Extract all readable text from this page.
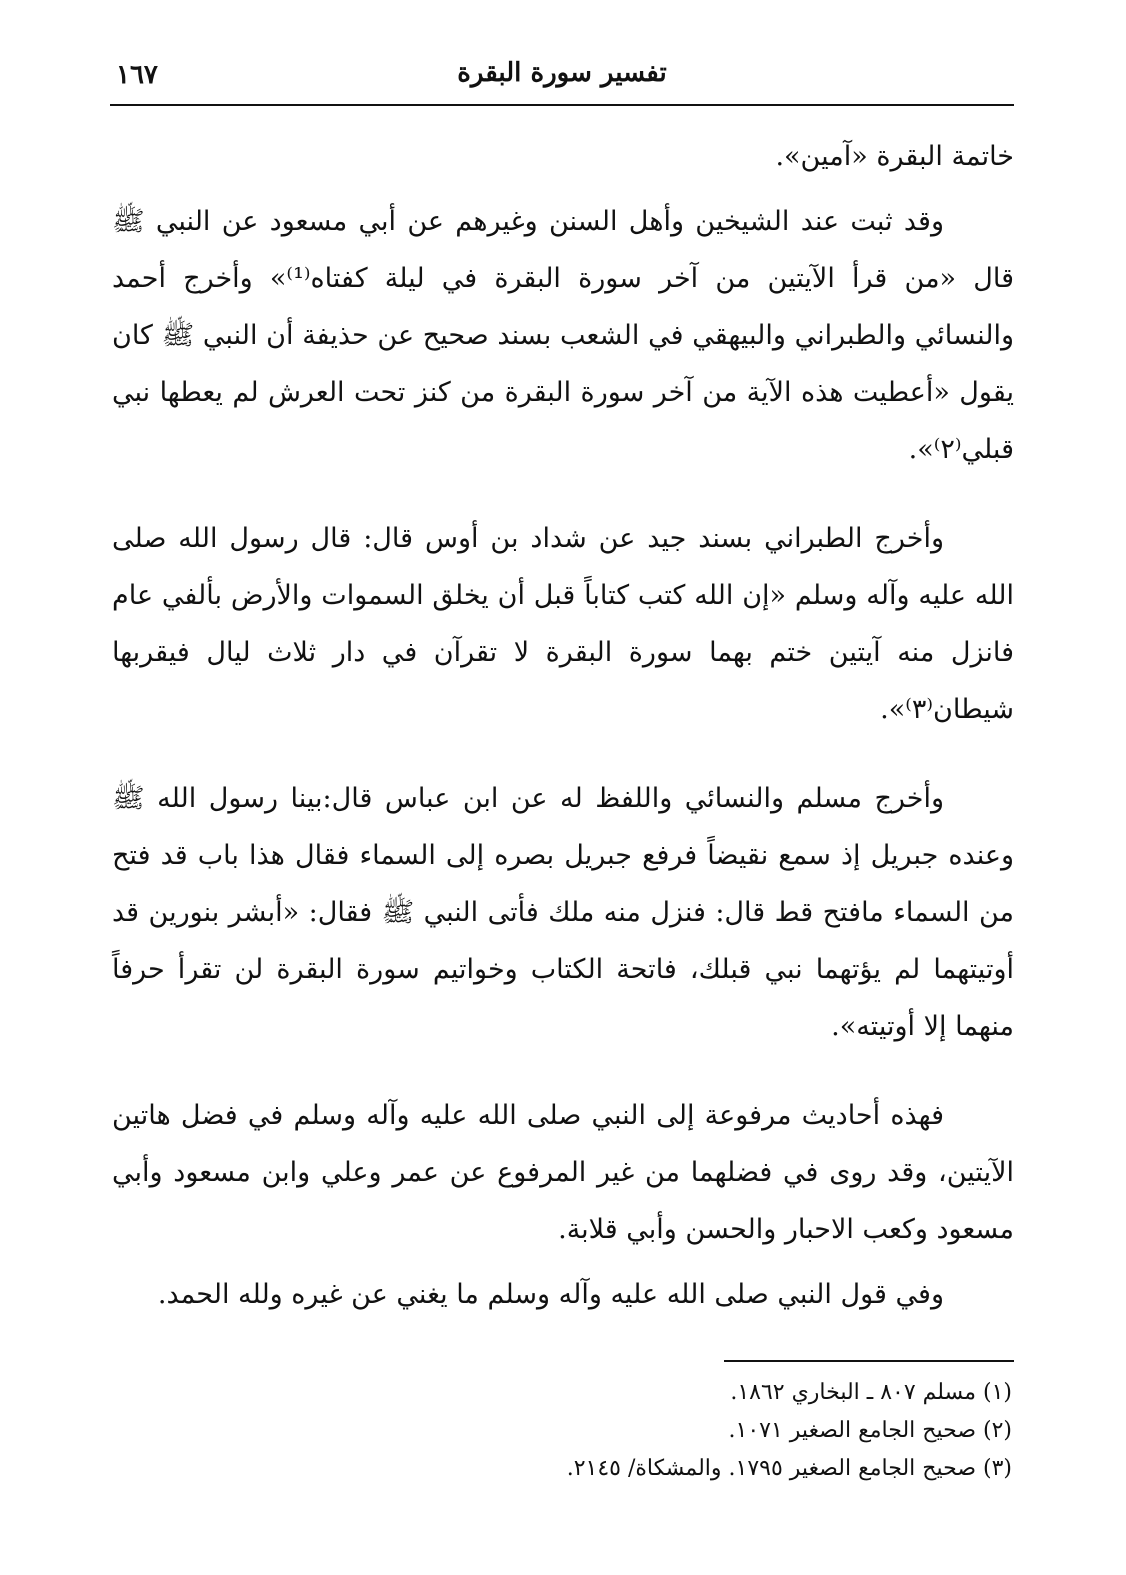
تفسير سورة البقرة
١٦٧

خاتمة البقرة «آمين».

وقد ثبت عند الشيخين وأهل السنن وغيرهم عن أبي مسعود عن النبي ﷺ قال «من قرأ الآيتين من آخر سورة البقرة في ليلة كفتاه⁽¹⁾» وأخرج أحمد والنسائي والطبراني والبيهقي في الشعب بسند صحيح عن حذيفة أن النبي ﷺ كان يقول «أعطيت هذه الآية من آخر سورة البقرة من كنز تحت العرش لم يعطها نبي قبلي⁽٢⁾».

وأخرج الطبراني بسند جيد عن شداد بن أوس قال: قال رسول الله صلى الله عليه وآله وسلم «إن الله كتب كتاباً قبل أن يخلق السموات والأرض بألفي عام فانزل منه آيتين ختم بهما سورة البقرة لا تقرآن في دار ثلاث ليال فيقربها شيطان⁽٣⁾».

وأخرج مسلم والنسائي واللفظ له عن ابن عباس قال:بينا رسول الله ﷺ وعنده جبريل إذ سمع نقيضاً فرفع جبريل بصره إلى السماء فقال هذا باب قد فتح من السماء مافتح قط قال: فنزل منه ملك فأتى النبي ﷺ فقال: «أبشر بنورين قد أوتيتهما لم يؤتهما نبي قبلك، فاتحة الكتاب وخواتيم سورة البقرة لن تقرأ حرفاً منهما إلا أوتيته».

فهذه أحاديث مرفوعة إلى النبي صلى الله عليه وآله وسلم في فضل هاتين الآيتين، وقد روى في فضلهما من غير المرفوع عن عمر وعلي وابن مسعود وأبي مسعود وكعب الاحبار والحسن وأبي قلابة.

وفي قول النبي صلى الله عليه وآله وسلم ما يغني عن غيره ولله الحمد.

(١) مسلم ٨٠٧ ـ البخاري ١٨٦٢.

(٢) صحيح الجامع الصغير ١٠٧١.

(٣) صحيح الجامع الصغير ١٧٩٥. والمشكاة/ ٢١٤٥.
